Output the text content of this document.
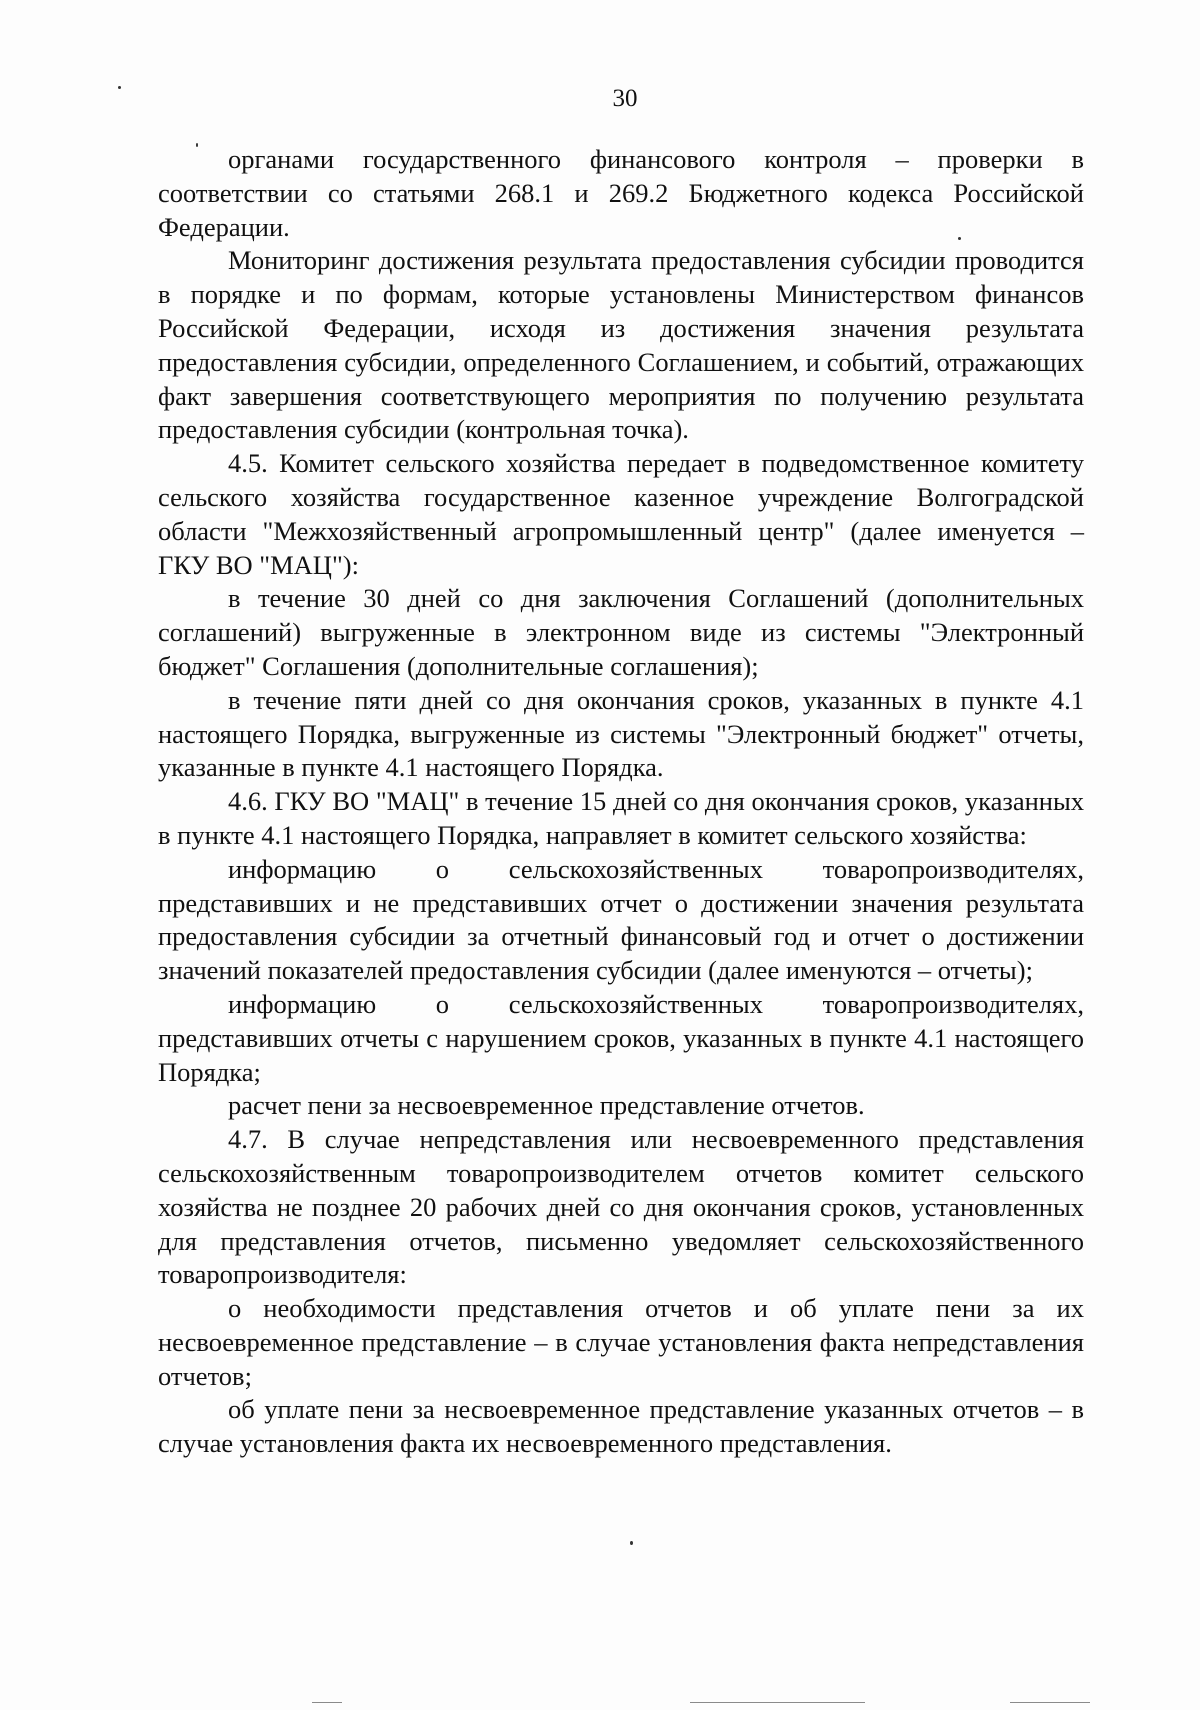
30

органами государственного финансового контроля – проверки в соответствии со статьями 268.1 и 269.2 Бюджетного кодекса Российской Федерации.

Мониторинг достижения результата предоставления субсидии проводится в порядке и по формам, которые установлены Министерством финансов Российской Федерации, исходя из достижения значения результата предоставления субсидии, определенного Соглашением, и событий, отражающих факт завершения соответствующего мероприятия по получению результата предоставления субсидии (контрольная точка).

4.5. Комитет сельского хозяйства передает в подведомственное комитету сельского хозяйства государственное казенное учреждение Волгоградской области "Межхозяйственный агропромышленный центр" (далее именуется – ГКУ ВО "МАЦ"):

в течение 30 дней со дня заключения Соглашений (дополнительных соглашений) выгруженные в электронном виде из системы "Электронный бюджет" Соглашения (дополнительные соглашения);

в течение пяти дней со дня окончания сроков, указанных в пункте 4.1 настоящего Порядка, выгруженные из системы "Электронный бюджет" отчеты, указанные в пункте 4.1 настоящего Порядка.

4.6. ГКУ ВО "МАЦ" в течение 15 дней со дня окончания сроков, указанных в пункте 4.1 настоящего Порядка, направляет в комитет сельского хозяйства:

информацию о сельскохозяйственных товаропроизводителях, представивших и не представивших отчет о достижении значения результата предоставления субсидии за отчетный финансовый год и отчет о достижении значений показателей предоставления субсидии (далее именуются – отчеты);

информацию о сельскохозяйственных товаропроизводителях, представивших отчеты с нарушением сроков, указанных в пункте 4.1 настоящего Порядка;

расчет пени за несвоевременное представление отчетов.

4.7. В случае непредставления или несвоевременного представления сельскохозяйственным товаропроизводителем отчетов комитет сельского хозяйства не позднее 20 рабочих дней со дня окончания сроков, установленных для представления отчетов, письменно уведомляет сельскохозяйственного товаропроизводителя:

о необходимости представления отчетов и об уплате пени за их несвоевременное представление – в случае установления факта непредставления отчетов;

об уплате пени за несвоевременное представление указанных отчетов – в случае установления факта их несвоевременного представления.
